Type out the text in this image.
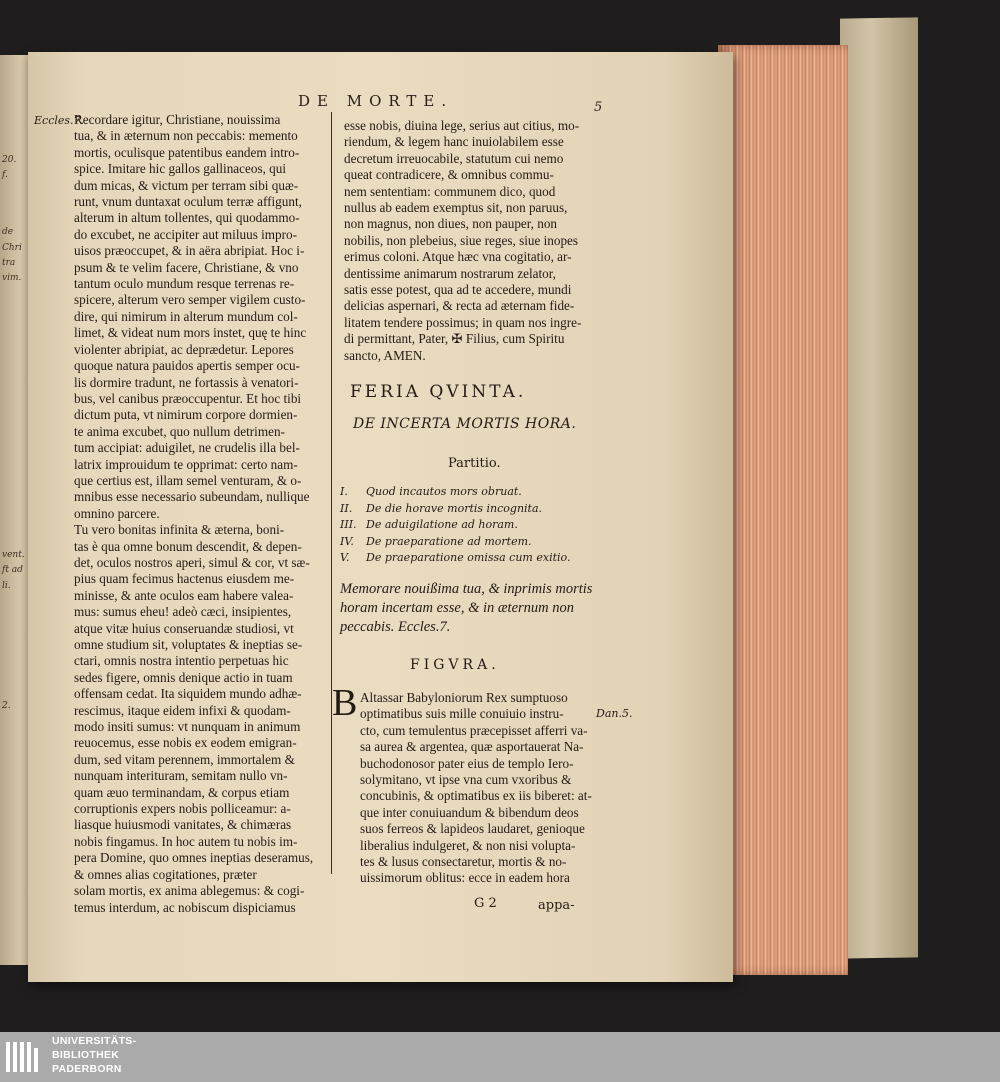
20.
f.
de
Chri
tra
vim.
vent.
ft ad
li.
2.
DE MORTE.	5
Eccles.7.
Recordare igitur, Christiane, nouissima
tua, & in æternum non peccabis: memento
mortis, oculisque patentibus eandem intro-
spice. Imitare hic gallos gallinaceos, qui
dum micas, & victum per terram sibi quæ-
runt, vnum duntaxat oculum terræ affigunt,
alterum in altum tollentes, qui quodammo-
do excubet, ne accipiter aut miluus impro-
uisos præoccupet, & in aëra abripiat. Hoc i-
psum & te velim facere, Christiane, & vno
tantum oculo mundum resque terrenas re-
spicere, alterum vero semper vigilem custo-
dire, qui nimirum in alterum mundum col-
limet, & videat num mors instet, quę te hinc
violenter abripiat, ac deprædetur. Lepores
quoque natura pauidos apertis semper ocu-
lis dormire tradunt, ne fortassis à venatori-
bus, vel canibus præoccupentur. Et hoc tibi
dictum puta, vt nimirum corpore dormien-
te anima excubet, quo nullum detrimen-
tum accipiat: aduigilet, ne crudelis illa bel-
latrix improuidum te opprimat: certo nam-
que certius est, illam semel venturam, & o-
mnibus esse necessario subeundam, nullique
omnino parcere.
Tu vero bonitas infinita & æterna, boni-
tas è qua omne bonum descendit, & depen-
det, oculos nostros aperi, simul & cor, vt sæ-
pius quam fecimus hactenus eiusdem me-
minisse, & ante oculos eam habere valea-
mus: sumus eheu! adeò cæci, insipientes,
atque vitæ huius conseruandæ studiosi, vt
omne studium sit, voluptates & ineptias se-
ctari, omnis nostra intentio perpetuas hic
sedes figere, omnis denique actio in tuam
offensam cedat. Ita siquidem mundo adhæ-
rescimus, itaque eidem infixi & quodam-
modo insiti sumus: vt nunquam in animum
reuocemus, esse nobis ex eodem emigran-
dum, sed vitam perennem, immortalem &
nunquam interituram, semitam nullo vn-
quam æuo terminandam, & corpus etiam
corruptionis expers nobis polliceamur: a-
liasque huiusmodi vanitates, & chimæras
nobis fingamus. In hoc autem tu nobis im-
pera Domine, quo omnes ineptias deseramus,
& omnes alias cogitationes, præter
solam mortis, ex anima ablegemus: & cogi-
temus interdum, ac nobiscum dispiciamus
esse nobis, diuina lege, serius aut citius, mo-
riendum, & legem hanc inuiolabilem esse
decretum irreuocabile, statutum cui nemo
queat contradicere, & omnibus commu-
nem sententiam: communem dico, quod
nullus ab eadem exemptus sit, non paruus,
non magnus, non diues, non pauper, non
nobilis, non plebeius, siue reges, siue inopes
erimus coloni. Atque hæc vna cogitatio, ar-
dentissime animarum nostrarum zelator,
satis esse potest, qua ad te accedere, mundi
delicias aspernari, & recta ad æternam fide-
litatem tendere possimus; in quam nos ingre-
di permittant, Pater, ✠ Filius, cum Spiritu
sancto, AMEN.
FERIA QVINTA.
DE INCERTA MORTIS HORA.
Partitio.
I. Quod incautos mors obruat.
II. De die horave mortis incognita.
III. De aduigilatione ad horam.
IV. De praeparatione ad mortem.
V. De praeparatione omissa cum exitio.
Memorare nouißima tua, & inprimis mortis
horam incertam esse, & in æternum non
peccabis. Eccles.7.
FIGVRA.
B Altassar Babyloniorum Rex sumptuoso
optimatibus suis mille conuiuio instru-
cto, cum temulentus præcepisset afferri va-
sa aurea & argentea, quæ asportauerat Na-
buchodonosor pater eius de templo Iero-
solymitano, vt ipse vna cum vxoribus &
concubinis, & optimatibus ex iis biberet: at-
que inter conuiuandum & bibendum deos
suos ferreos & lapideos laudaret, genioque
liberalius indulgeret, & non nisi volupta-
tes & lusus consectaretur, mortis & no-
uissimorum oblitus: ecce in eadem hora
Dan.5.
G 2	appa-
UNIVERSITÄTS-
BIBLIOTHEK
PADERBORN
